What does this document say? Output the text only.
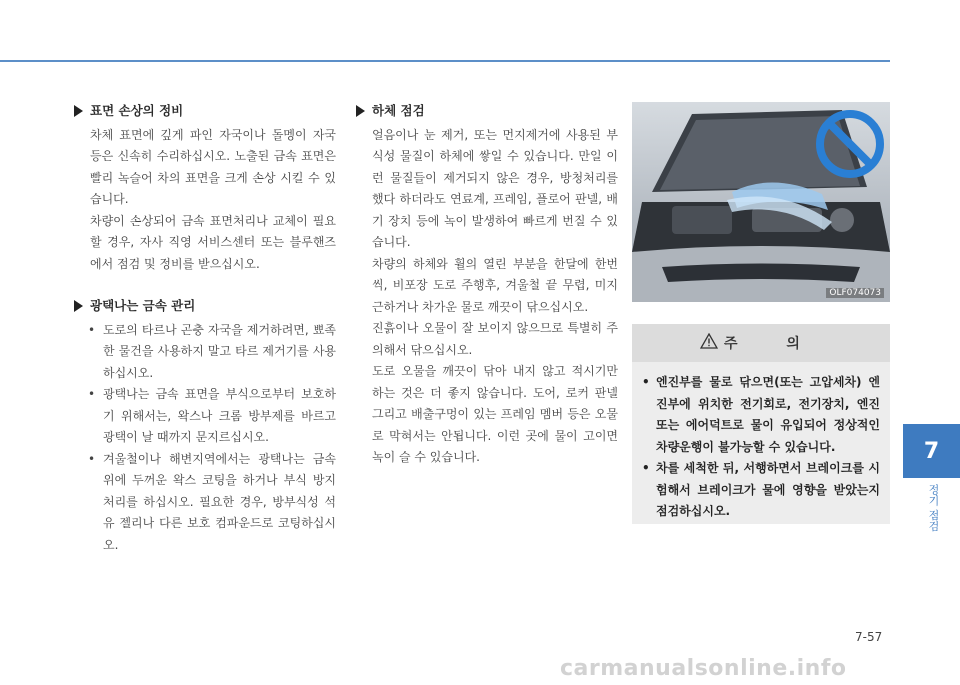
표면 손상의 정비

차체 표면에 깊게 파인 자국이나 돌멩이 자국 등은 신속히 수리하십시오. 노출된 금속 표면은 빨리 녹슬어 차의 표면을 크게 손상 시킬 수 있습니다.

차량이 손상되어 금속 표면처리나 교체이 필요할 경우, 자사 직영 서비스센터 또는 블루핸즈에서 점검 및 정비를 받으십시오.

광택나는 금속 관리
• 도로의 타르나 곤충 자국을 제거하려면, 뾰족한 물건을 사용하지 말고 타르 제거기를 사용하십시오.
• 광택나는 금속 표면을 부식으로부터 보호하기 위해서는, 왁스나 크롬 방부제를 바르고 광택이 날 때까지 문지르십시오.
• 겨울철이나 해변지역에서는 광택나는 금속 위에 두꺼운 왁스 코팅을 하거나 부식 방지 처리를 하십시오. 필요한 경우, 방부식성 석유 젤리나 다른 보호 컴파운드로 코팅하십시오.
하체 점검

얼음이나 눈 제거, 또는 먼지제거에 사용된 부식성 물질이 하체에 쌓일 수 있습니다. 만일 이런 물질들이 제거되지 않은 경우, 방청처리를 했다 하더라도 연료계, 프레임, 플로어 판넬, 배기 장치 등에 녹이 발생하여 빠르게 번질 수 있습니다.

차량의 하체와 휠의 열린 부분을 한달에 한번씩, 비포장 도로 주행후, 겨울철 끝 무렵, 미지근하거나 차가운 물로 깨끗이 닦으십시오.

진흙이나 오물이 잘 보이지 않으므로 특별히 주의해서 닦으십시오.

도로 오물을 깨끗이 닦아 내지 않고 적시기만 하는 것은 더 좋지 않습니다. 도어, 로커 판넬 그리고 배출구멍이 있는 프레임 멤버 등은 오물로 막혀서는 안됩니다. 이런 곳에 물이 고이면 녹이 슬 수 있습니다.

OLF074073
주 의
• 엔진부를 물로 닦으면(또는 고압세차) 엔진부에 위치한 전기회로, 전기장치, 엔진 또는 에어덕트로 물이 유입되어 정상적인 차량운행이 불가능할 수 있습니다.
• 차를 세척한 뒤, 서행하면서 브레이크를 시험해서 브레이크가 물에 영향을 받았는지 점검하십시오.
7
정기 점검
7-57
carmanualsonline.info
